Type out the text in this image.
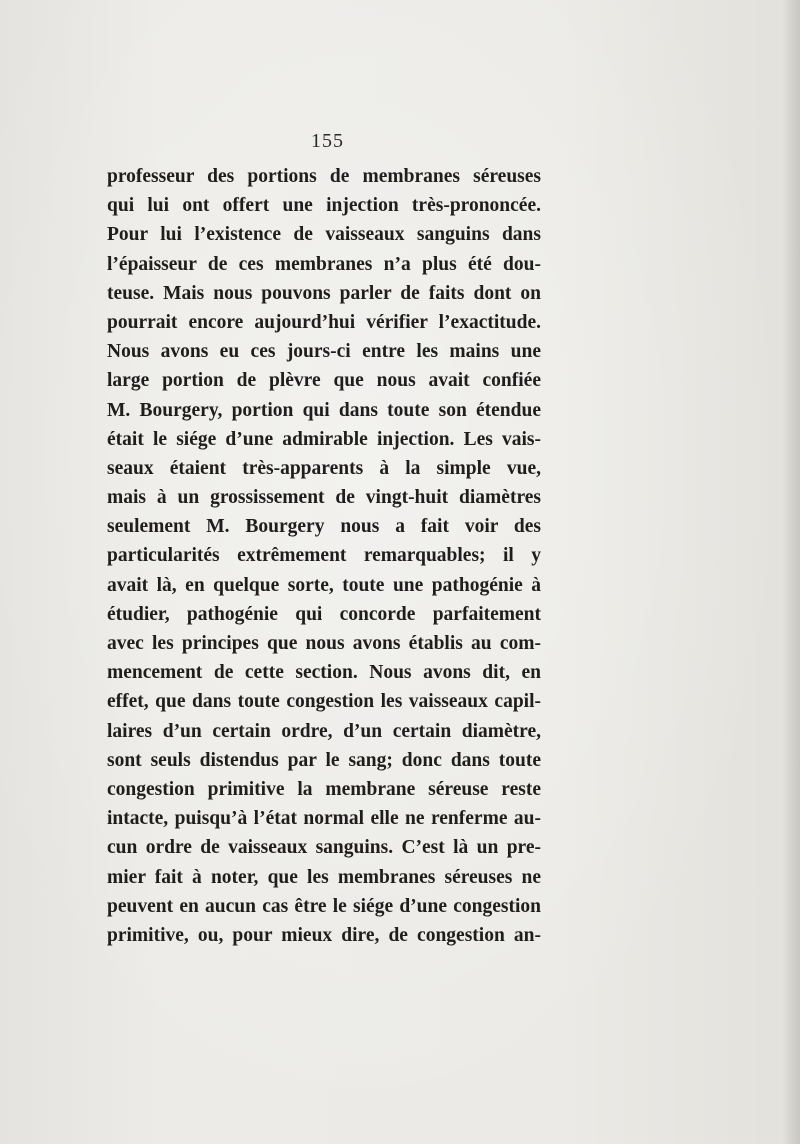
155
professeur des portions de membranes séreuses
qui lui ont offert une injection très-prononcée.
Pour lui l’existence de vaisseaux sanguins dans
l’épaisseur de ces membranes n’a plus été dou-
teuse. Mais nous pouvons parler de faits dont on
pourrait encore aujourd’hui vérifier l’exactitude.
Nous avons eu ces jours-ci entre les mains une
large portion de plèvre que nous avait confiée
M. Bourgery, portion qui dans toute son étendue
était le siége d’une admirable injection. Les vais-
seaux étaient très-apparents à la simple vue,
mais à un grossissement de vingt-huit diamètres
seulement M. Bourgery nous a fait voir des
particularités extrêmement remarquables; il y
avait là, en quelque sorte, toute une pathogénie à
étudier, pathogénie qui concorde parfaitement
avec les principes que nous avons établis au com-
mencement de cette section. Nous avons dit, en
effet, que dans toute congestion les vaisseaux capil-
laires d’un certain ordre, d’un certain diamètre,
sont seuls distendus par le sang; donc dans toute
congestion primitive la membrane séreuse reste
intacte, puisqu’à l’état normal elle ne renferme au-
cun ordre de vaisseaux sanguins. C’est là un pre-
mier fait à noter, que les membranes séreuses ne
peuvent en aucun cas être le siége d’une congestion
primitive, ou, pour mieux dire, de congestion an-
